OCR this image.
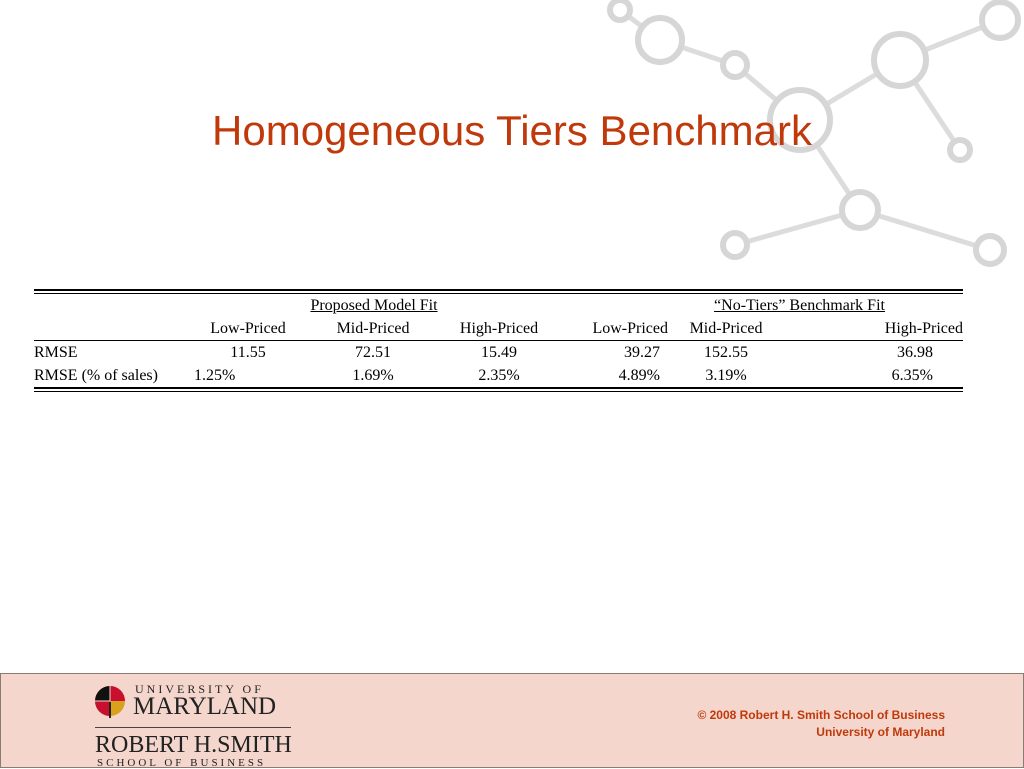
Homogeneous Tiers Benchmark
	Proposed Model Fit			“No-Tiers” Benchmark Fit		
	Low-Priced	Mid-Priced	High-Priced	Low-Priced	Mid-Priced	High-Priced

RMSE	11.55	72.51	15.49	39.27	152.55	36.98
RMSE (% of sales)	1.25%	1.69%	2.35%	4.89%	3.19%	6.35%
UNIVERSITY OF
MARYLAND
ROBERT H.SMITH
SCHOOL OF BUSINESS
© 2008 Robert H. Smith School of Business
University of Maryland
